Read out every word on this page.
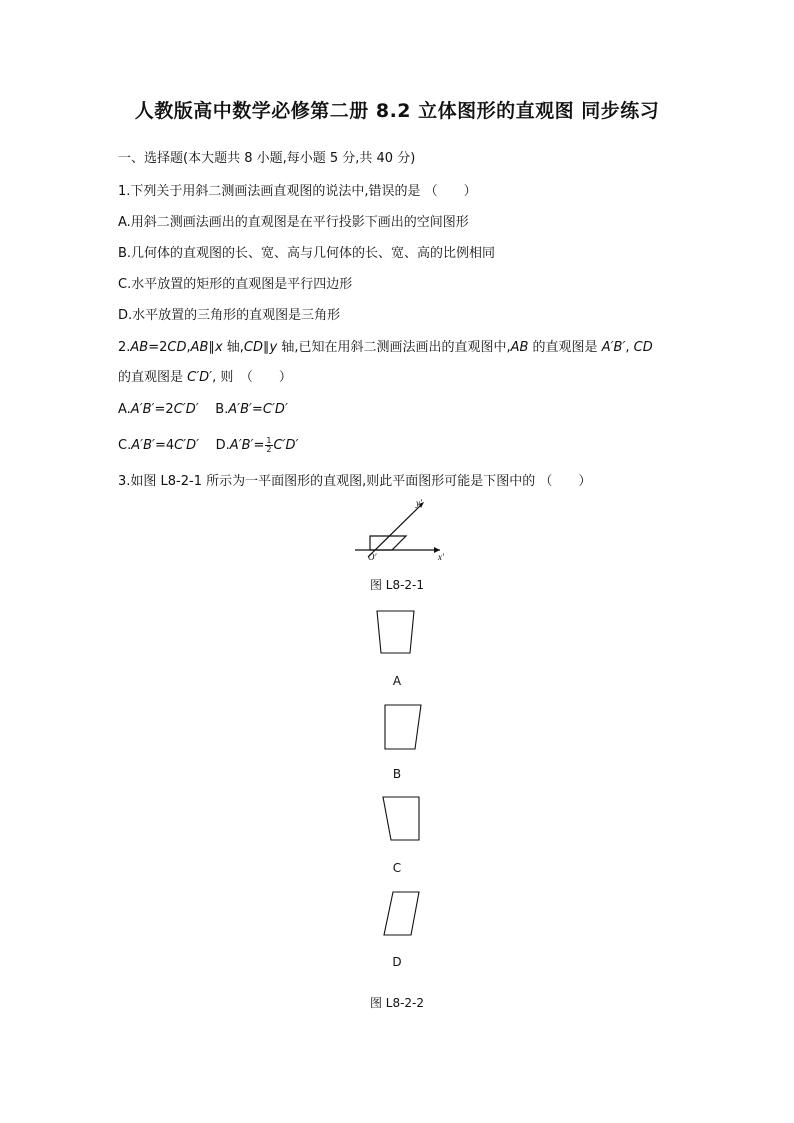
人教版高中数学必修第二册 8.2 立体图形的直观图 同步练习
一、选择题(本大题共 8 小题,每小题 5 分,共 40 分)
1.下列关于用斜二测画法画直观图的说法中,错误的是 （　　）
A.用斜二测画法画出的直观图是在平行投影下画出的空间图形
B.几何体的直观图的长、宽、高与几何体的长、宽、高的比例相同
C.水平放置的矩形的直观图是平行四边形
D.水平放置的三角形的直观图是三角形
2.AB=2CD,AB∥x 轴,CD∥y 轴,已知在用斜二测画法画出的直观图中,AB 的直观图是 A′B′, CD
的直观图是 C′D′, 则　（　　）
A.A′B′=2C′D′ B.A′B′=C′D′
C.A′B′=4C′D′ $D.A'B'= \frac{1}{2} C'D'$
3.如图 L8-2-1 所示为一平面图形的直观图,则此平面图形可能是下图中的 （　　）
x′
y′
O′
图 L8-2-1
A
B
C
D
图 L8-2-2
